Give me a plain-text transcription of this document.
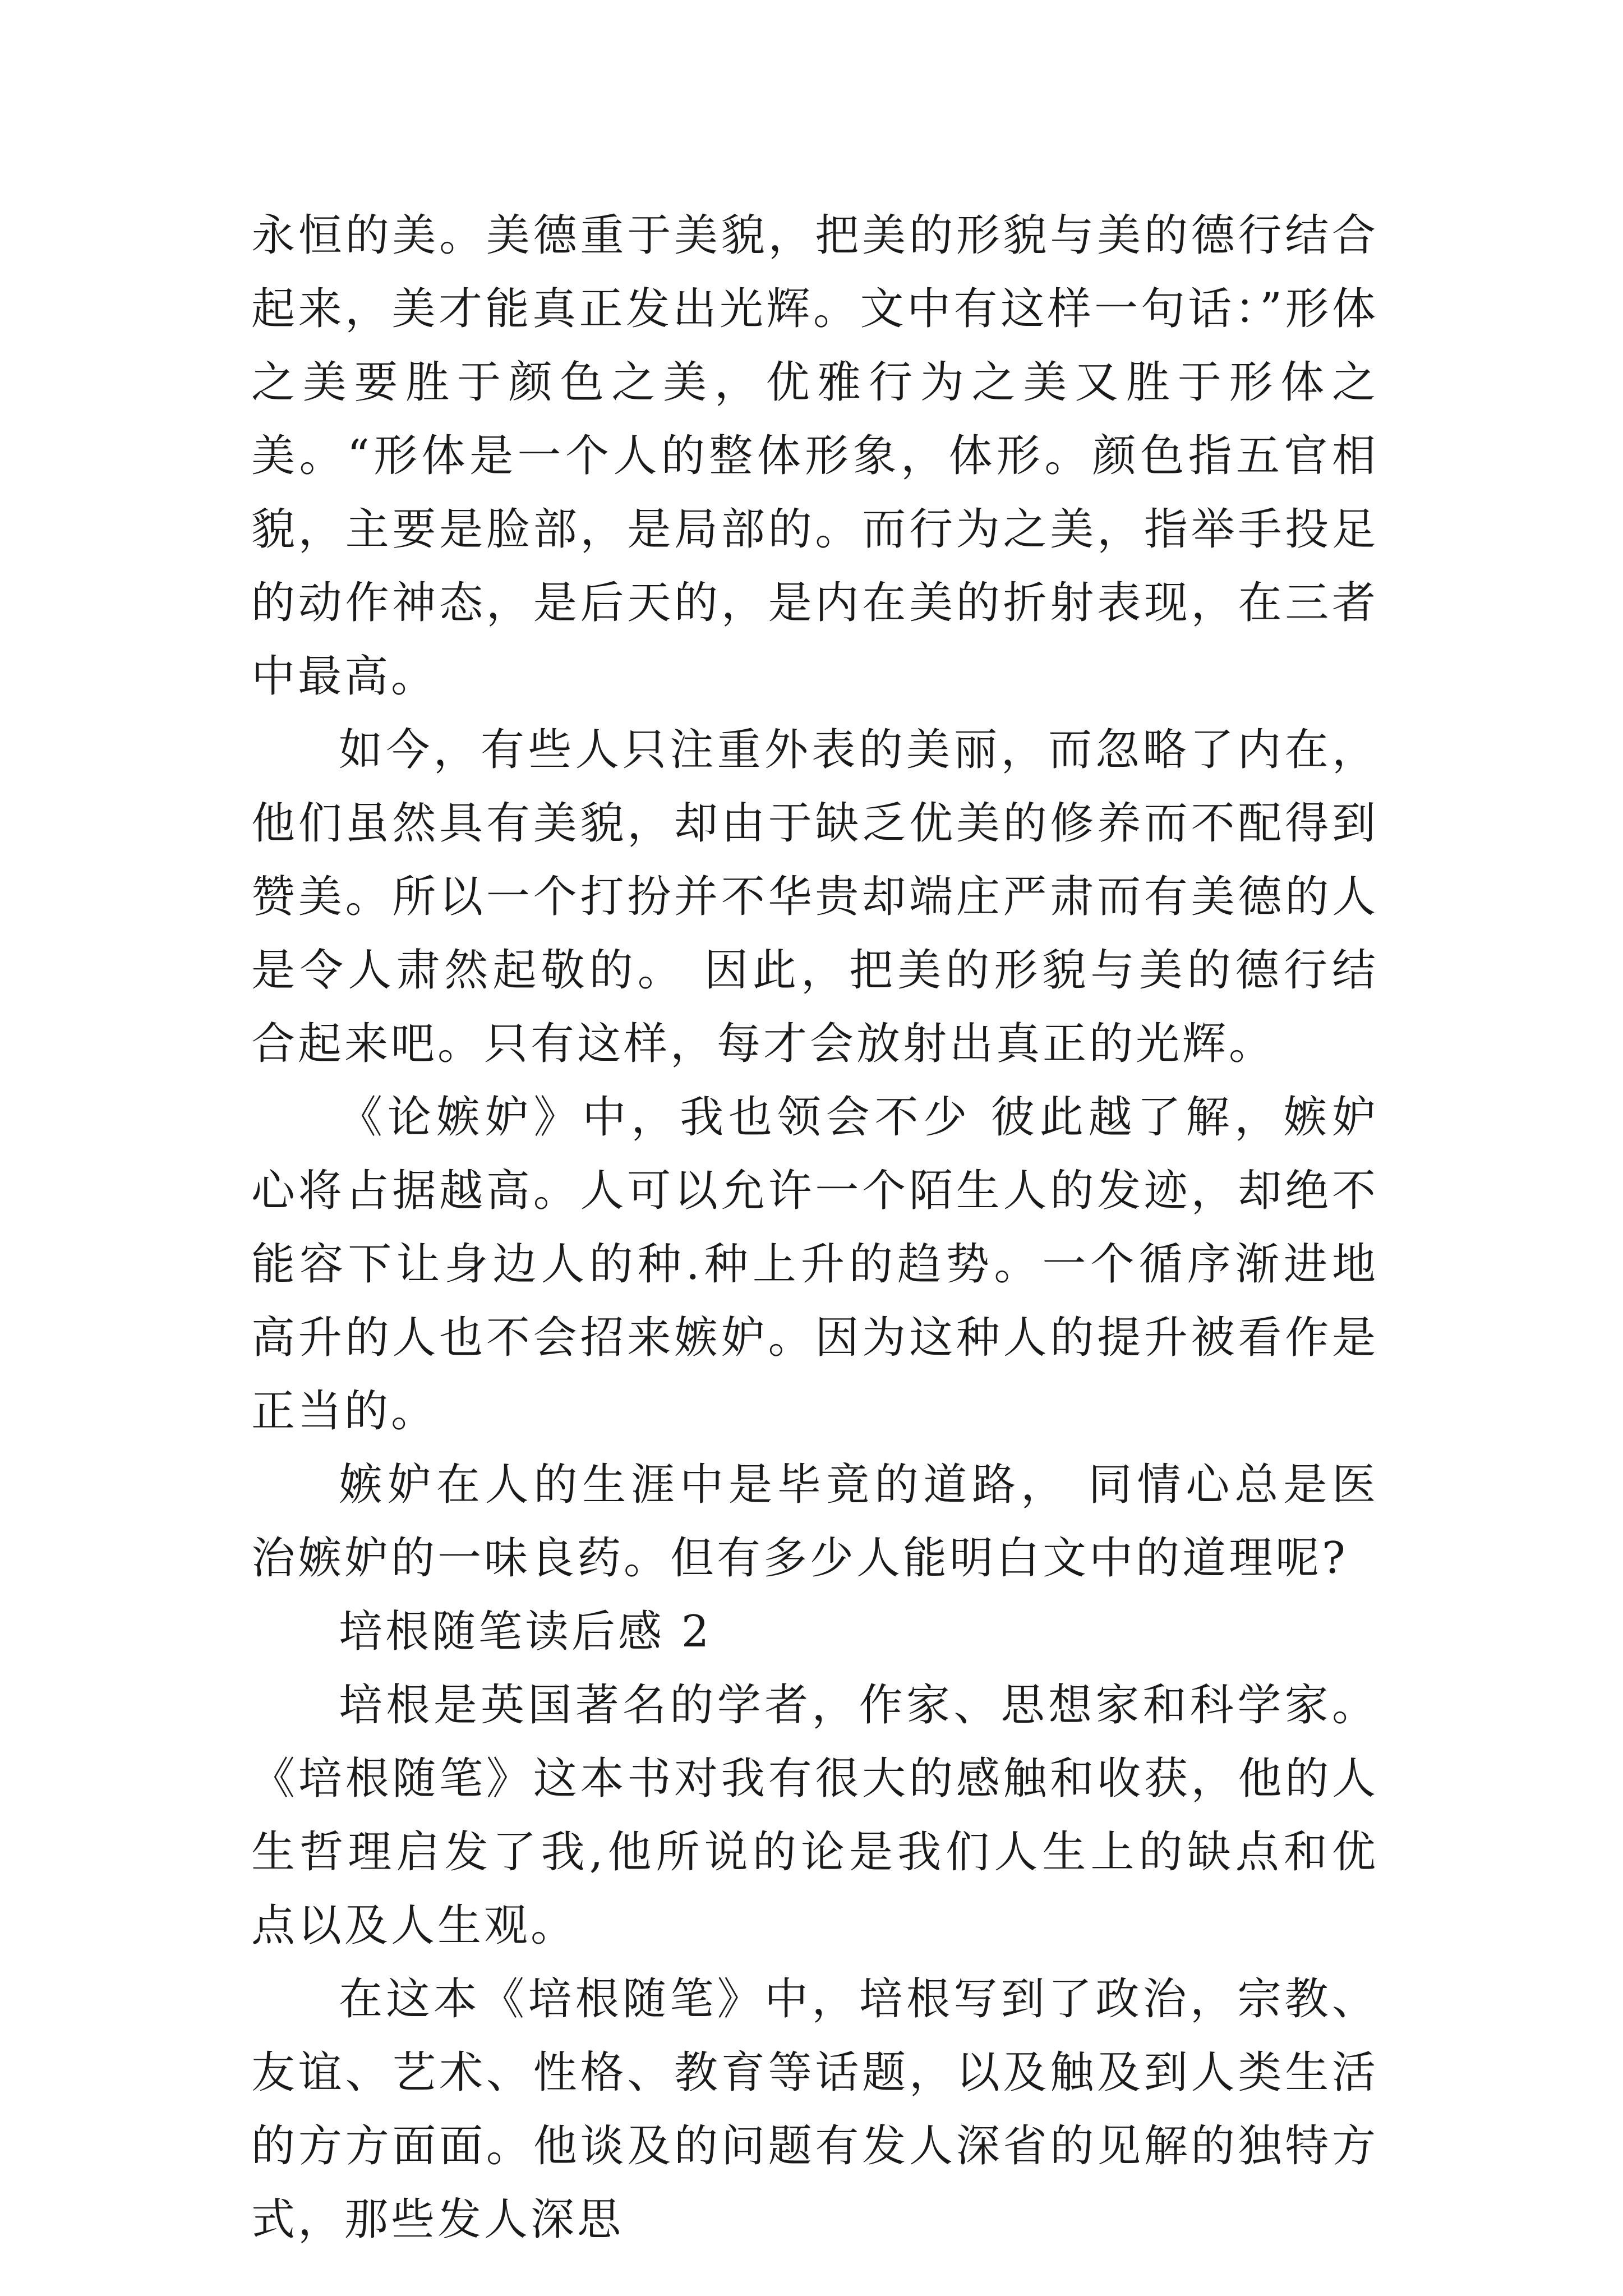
永恒的美。美德重于美貌，把美的形貌与美的德行结合起来，美才能真正发出光辉。文中有这样一句话：”形体之美要胜于颜色之美，优雅行为之美又胜于形体之美。“形体是一个人的整体形象，体形。颜色指五官相貌，主要是脸部，是局部的。而行为之美，指举手投足的动作神态，是后天的，是内在美的折射表现，在三者中最高。

如今，有些人只注重外表的美丽，而忽略了内在，他们虽然具有美貌，却由于缺乏优美的修养而不配得到赞美。所以一个打扮并不华贵却端庄严肃而有美德的人是令人肃然起敬的。 因此，把美的形貌与美的德行结合起来吧。只有这样，每才会放射出真正的光辉。

《论嫉妒》中，我也领会不少 彼此越了解，嫉妒心将占据越高。人可以允许一个陌生人的发迹，却绝不能容下让身边人的种.种上升的趋势。一个循序渐进地高升的人也不会招来嫉妒。因为这种人的提升被看作是正当的。

嫉妒在人的生涯中是毕竟的道路， 同情心总是医治嫉妒的一味良药。但有多少人能明白文中的道理呢?

培根随笔读后感 2

培根是英国著名的学者，作家、思想家和科学家。《培根随笔》这本书对我有很大的感触和收获，他的人生哲理启发了我,他所说的论是我们人生上的缺点和优点以及人生观。

在这本《培根随笔》中，培根写到了政治，宗教、友谊、艺术、性格、教育等话题，以及触及到人类生活的方方面面。他谈及的问题有发人深省的见解的独特方式，那些发人深思
